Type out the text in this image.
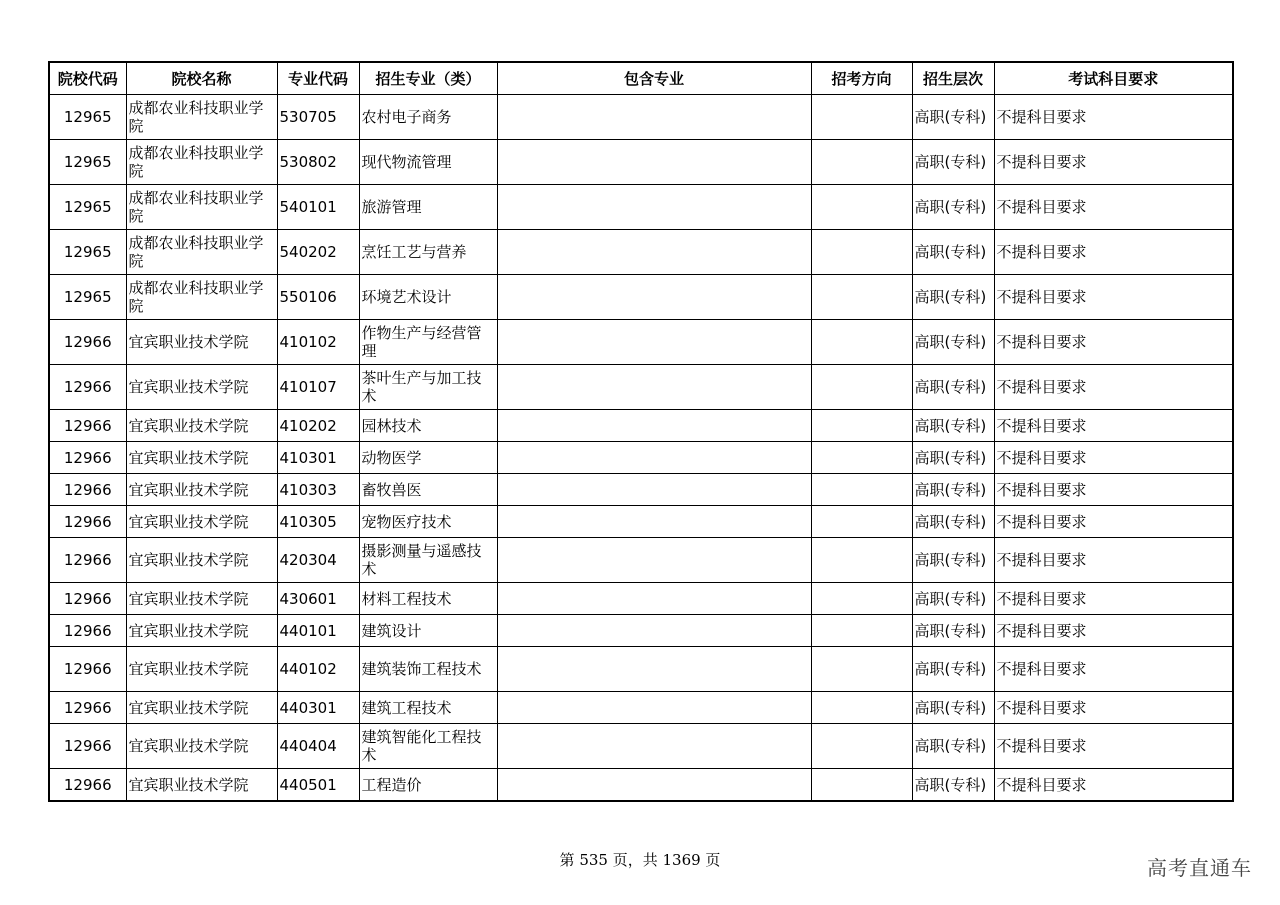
院校代码	院校名称	专业代码	招生专业（类）	包含专业	招考方向	招生层次	考试科目要求
12965	成都农业科技职业学院	530705	农村电子商务			高职(专科)	不提科目要求
12965	成都农业科技职业学院	530802	现代物流管理			高职(专科)	不提科目要求
12965	成都农业科技职业学院	540101	旅游管理			高职(专科)	不提科目要求
12965	成都农业科技职业学院	540202	烹饪工艺与营养			高职(专科)	不提科目要求
12965	成都农业科技职业学院	550106	环境艺术设计			高职(专科)	不提科目要求
12966	宜宾职业技术学院	410102	作物生产与经营管理			高职(专科)	不提科目要求
12966	宜宾职业技术学院	410107	茶叶生产与加工技术			高职(专科)	不提科目要求
12966	宜宾职业技术学院	410202	园林技术			高职(专科)	不提科目要求
12966	宜宾职业技术学院	410301	动物医学			高职(专科)	不提科目要求
12966	宜宾职业技术学院	410303	畜牧兽医			高职(专科)	不提科目要求
12966	宜宾职业技术学院	410305	宠物医疗技术			高职(专科)	不提科目要求
12966	宜宾职业技术学院	420304	摄影测量与遥感技术			高职(专科)	不提科目要求
12966	宜宾职业技术学院	430601	材料工程技术			高职(专科)	不提科目要求
12966	宜宾职业技术学院	440101	建筑设计			高职(专科)	不提科目要求
12966	宜宾职业技术学院	440102	建筑装饰工程技术			高职(专科)	不提科目要求
12966	宜宾职业技术学院	440301	建筑工程技术			高职(专科)	不提科目要求
12966	宜宾职业技术学院	440404	建筑智能化工程技术			高职(专科)	不提科目要求
12966	宜宾职业技术学院	440501	工程造价			高职(专科)	不提科目要求
第 535 页，共 1369 页	高考直通车
